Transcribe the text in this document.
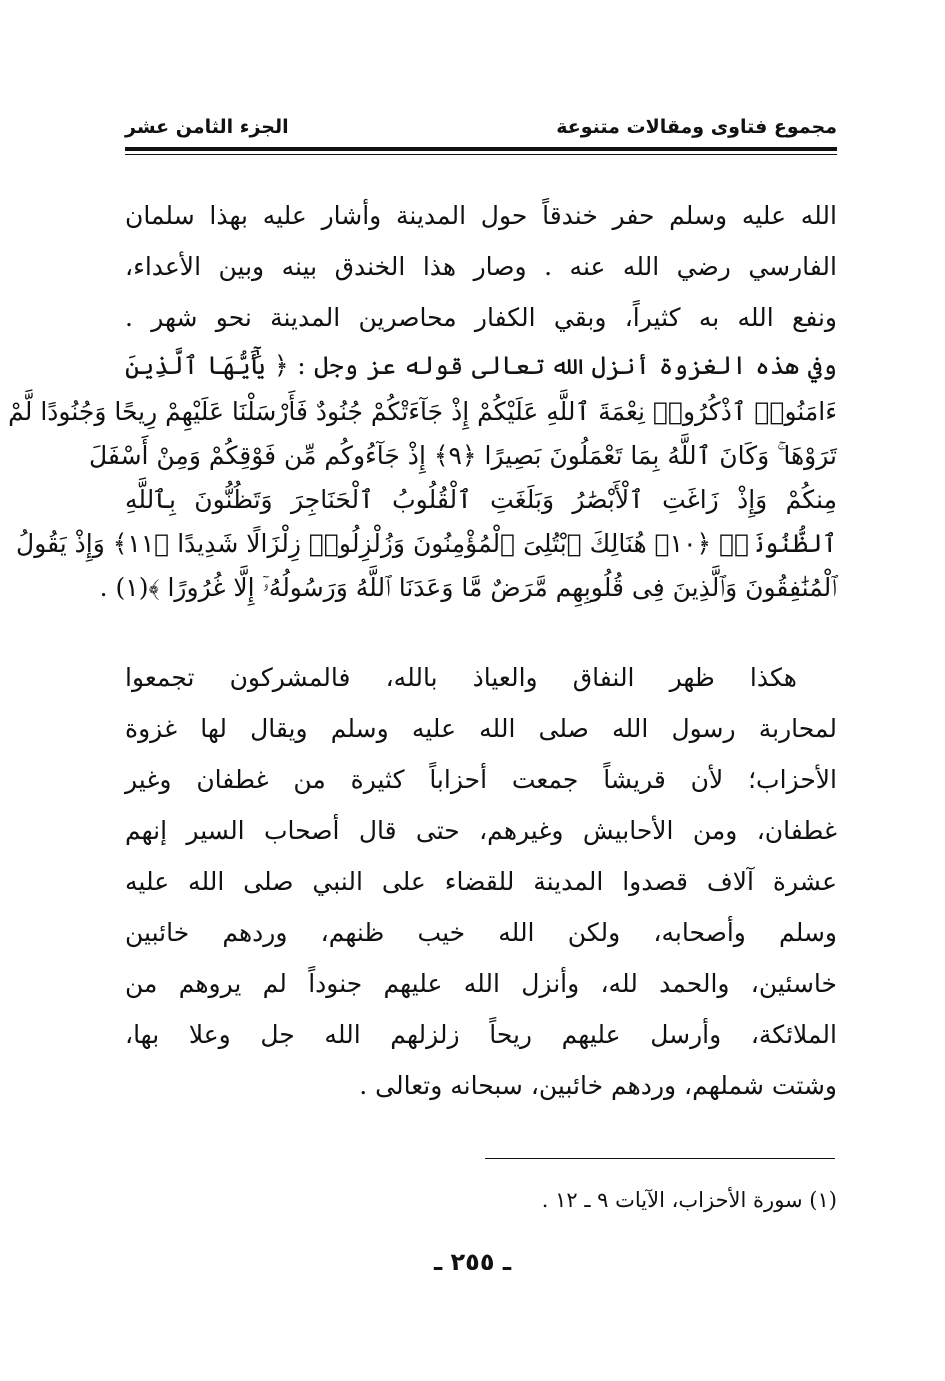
مجموع فتاوى ومقالات متنوعة
الجزء الثامن عشر
الله عليه وسلم حفر خندقاً حول المدينة وأشار عليه بهذا سلمان
الفارسي رضي الله عنه . وصار هذا الخندق بينه وبين الأعداء،
ونفع الله به كثيراً، وبقي الكفار محاصرين المدينة نحو شهر .
وفي هذه الغزوة أنزل الله تعالى قوله عز وجل : ﴿ يَٰٓأَيُّهَا ٱلَّذِينَ
ءَامَنُوا۟ ٱذْكُرُوا۟ نِعْمَةَ ٱللَّهِ عَلَيْكُمْ إِذْ جَآءَتْكُمْ جُنُودٌ فَأَرْسَلْنَا عَلَيْهِمْ رِيحًا وَجُنُودًا لَّمْ
تَرَوْهَا ۚ وَكَانَ ٱللَّهُ بِمَا تَعْمَلُونَ بَصِيرًا ﴿٩﴾ إِذْ جَآءُوكُم مِّن فَوْقِكُمْ وَمِنْ أَسْفَلَ
مِنكُمْ وَإِذْ زَاغَتِ ٱلْأَبْصَٰرُ وَبَلَغَتِ ٱلْقُلُوبُ ٱلْحَنَاجِرَ وَتَظُنُّونَ بِٱللَّهِ
ٱلظُّنُونَا۠ ﴿١٠﴾ هُنَالِكَ ٱبْتُلِىَ ٱلْمُؤْمِنُونَ وَزُلْزِلُوا۟ زِلْزَالًا شَدِيدًا ﴿١١﴾ وَإِذْ يَقُولُ
ٱلْمُنَٰفِقُونَ وَٱلَّذِينَ فِى قُلُوبِهِم مَّرَضٌ مَّا وَعَدَنَا ٱللَّهُ وَرَسُولُهُۥٓ إِلَّا غُرُورًا ﴾(١) .
هكذا ظهر النفاق والعياذ بالله، فالمشركون تجمعوا
لمحاربة رسول الله صلى الله عليه وسلم ويقال لها غزوة
الأحزاب؛ لأن قريشاً جمعت أحزاباً كثيرة من غطفان وغير
غطفان، ومن الأحابيش وغيرهم، حتى قال أصحاب السير إنهم
عشرة آلاف قصدوا المدينة للقضاء على النبي صلى الله عليه
وسلم وأصحابه، ولكن الله خيب ظنهم، وردهم خائبين
خاسئين، والحمد لله، وأنزل الله عليهم جنوداً لم يروهم من
الملائكة، وأرسل عليهم ريحاً زلزلهم الله جل وعلا بها،
وشتت شملهم، وردهم خائبين، سبحانه وتعالى .
(١) سورة الأحزاب، الآيات ٩ ـ ١٢ .
ـ ٢٥٥ ـ
